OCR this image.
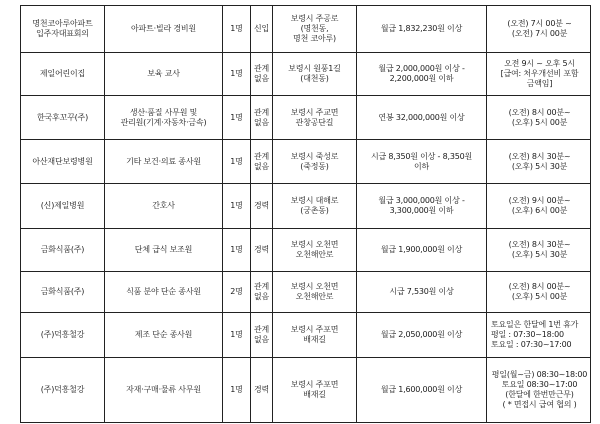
명천코아루아파트
입주자대표회의	아파트·빌라 경비원	1명	신입	보령시 주공로
(명천동,
명천 코아루)	월급 1,832,230원 이상	(오전) 7시 00분 ~
(오전) 7시 00분
제일어린이집	보육 교사	1명	관계
없음	보령시 원풍1길
(대천동)	월급 2,000,000원 이상 -
2,200,000원 이하	오전 9시 ~ 오후 5시
[급여: 처우개선비 포함
금액임]
한국후꼬꾸(주)	생산·품질 사무원 및
관리원(기계·자동차·금속)	1명	관계
없음	보령시 주교면
관창공단길	연봉 32,000,000원 이상	(오전) 8시 00분~
(오후) 5시 00분
아산재단보령병원	기타 보건·의료 종사원	1명	관계
없음	보령시 죽성로
(죽정동)	시급 8,350원 이상 - 8,350원
이하	(오전) 8시 30분~
(오후) 5시 30분
(신)제일병원	간호사	1명	경력	보령시 대해로
(궁촌동)	월급 3,000,000원 이상 -
3,300,000원 이하	(오전) 9시 00분~
(오후) 6시 00분
금화식품(주)	단체 급식 보조원	1명	경력	보령시 오천면
오천해안로	월급 1,900,000원 이상	(오전) 8시 30분~
(오후) 5시 30분
금화식품(주)	식품 분야 단순 종사원	2명	관계
없음	보령시 오천면
오천해안로	시급 7,530원 이상	(오전) 8시 00분~
(오후) 5시 00분
(주)덕흥철강	제조 단순 종사원	1명	관계
없음	보령시 주포면
배재길	월급 2,050,000원 이상	토요일은 한달에 1번 휴가
평일 : 07:30~18:00
토요일 : 07:30~17:00
(주)덕흥철강	자재·구매·물류 사무원	1명	경력	보령시 주포면
배재길	월급 1,600,000원 이상	평일(월~금) 08:30~18:00
토요일 08:30~17:00
(한달에 한번만근무)
( * 면접시 급여 협의 )
